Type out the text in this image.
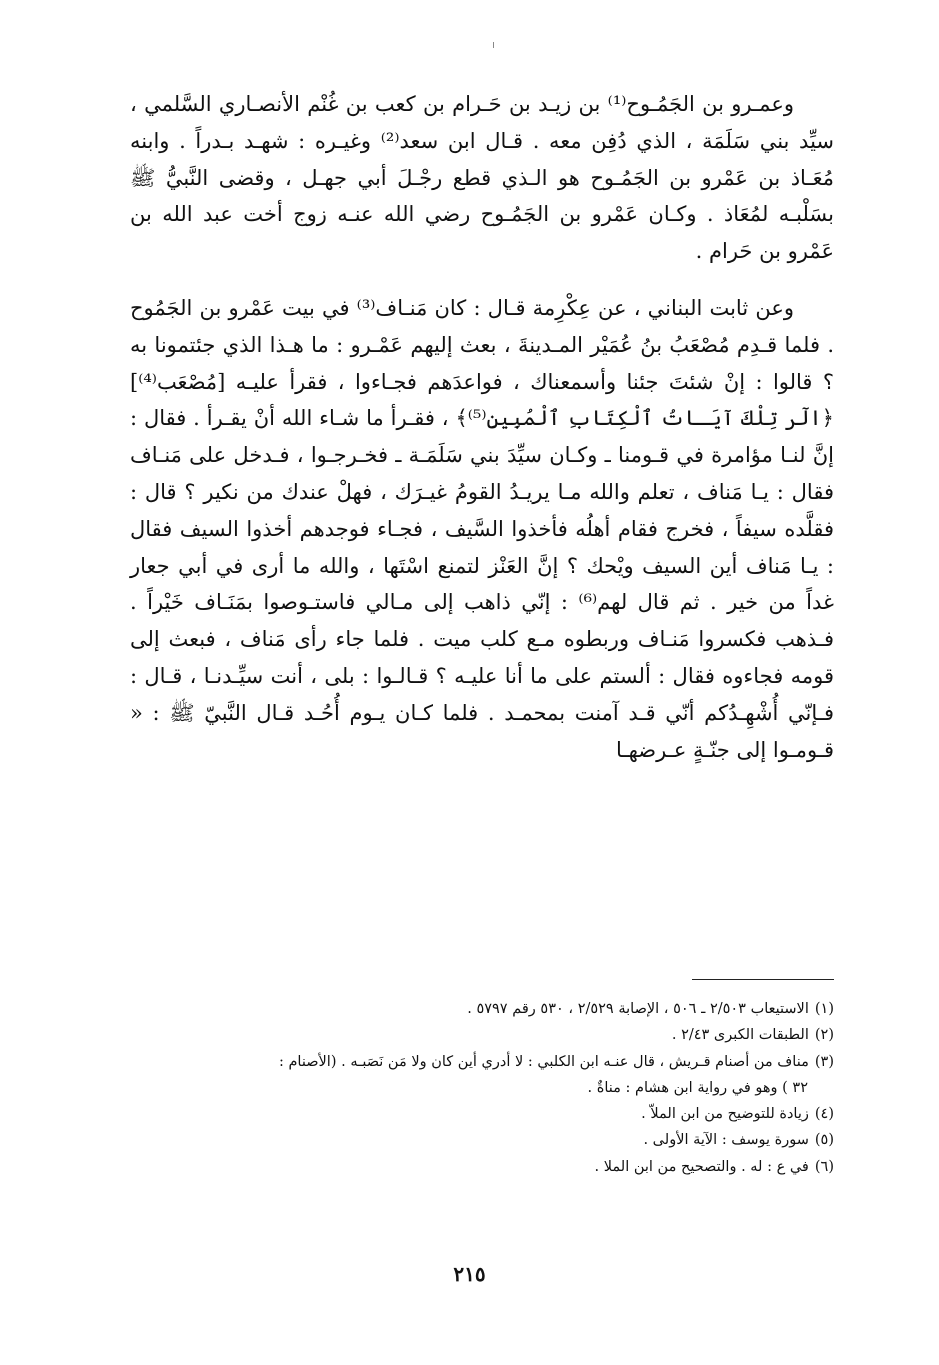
وعمـرو بن الجَمُـوح⁽¹⁾ بن زيـد بن حَـرام بن كعب بن غُنْم الأنصـاري السَّلمي ، سيِّد بني سَلَمَة ، الذي دُفِن معه . قـال ابن سعد⁽²⁾ وغيـره : شهـد بـدراً . وابنه مُعَـاذ بن عَمْرو بن الجَمُـوح هو الـذي قطع رجْـلَ أبي جهـل ، وقضى النَّبيُّ ﷺ بسَلْبـه لمُعَاذ . وكـان عَمْرو بن الجَمُـوح رضي الله عنـه زوج أخت عبد الله بن عَمْرو بن حَرام .

وعن ثابت البناني ، عن عِكْرِمة قـال : كان مَنـاف⁽³⁾ في بيت عَمْرو بن الجَمُوح . فلما قـدِم مُصْعَبُ بنُ عُمَيْر المـدينةَ ، بعث إليهم عَمْـرو : ما هـذا الذي جئتمونا به ؟ قالوا : إنْ شئتَ جئنا وأسمعناك ، فواعدَهم فجـاءوا ، فقرأ عليـه [مُصْعَب⁽⁴⁾] ﴿الٓر تِلْكَ آيَـاتُ ٱلْكِتَابِ ٱلْمُبِينِ⁽⁵⁾﴾ ، فقـرأ ما شـاء الله أنْ يقـرأ . فقال : إنَّ لنـا مؤامرة في قـومنا ـ وكـان سيِّدَ بني سَلَمَـة ـ فخـرجـوا ، فـدخل على مَنـاف فقال : يـا مَناف ، تعلم والله مـا يريـدُ القومُ غيـرَك ، فهلْ عندك من نكير ؟ قال : فقلَّده سيفاً ، فخرج فقام أهلُه فأخذوا السَّيف ، فجـاء فوجدهم أخذوا السيف فقال : يـا مَناف أين السيف ويْحك ؟ إنَّ العَنْز لتمنع اسْتَها ، والله ما أرى في أبي جعار غداً من خير . ثم قال لهم⁽⁶⁾ : إنّي ذاهب إلى مـالي فاستـوصوا بمَنَـاف خَيْراً . فـذهب فكسروا مَنـاف وربطوه مـع كلب ميت . فلما جاء رأى مَناف ، فبعث إلى قومه فجاءوه فقال : ألستم على ما أنا عليـه ؟ قـالـوا : بلى ، أنت سيِّـدنـا ، قـال : فـإنّي أُشْهِـدُكم أنّي قـد آمنت بمحمـد . فلما كـان يـوم أُحُـد قـال النَّبيّ ﷺ : « قـومـوا إلى جنّـةٍ عـرضهـا

(١)الاستيعاب ٢/٥٠٣ ـ ٥٠٦ ، الإصابة ٢/٥٢٩ ، ٥٣٠ رقم ٥٧٩٧ .

(٢)الطبقات الكبرى ٢/٤٣ .

(٣)مناف من أصنام قـريش ، قال عنـه ابن الكلبي : لا أدري أين كان ولا مَن نَصَبـه . (الأصنام :

٣٢ ) وهو في رواية ابن هشام : مناةٌ .

(٤)زيادة للتوضيح من ابن الملاّ .

(٥)سورة يوسف : الآية الأولى .

(٦)في ع : له . والتصحيح من ابن الملا .

٢١٥
